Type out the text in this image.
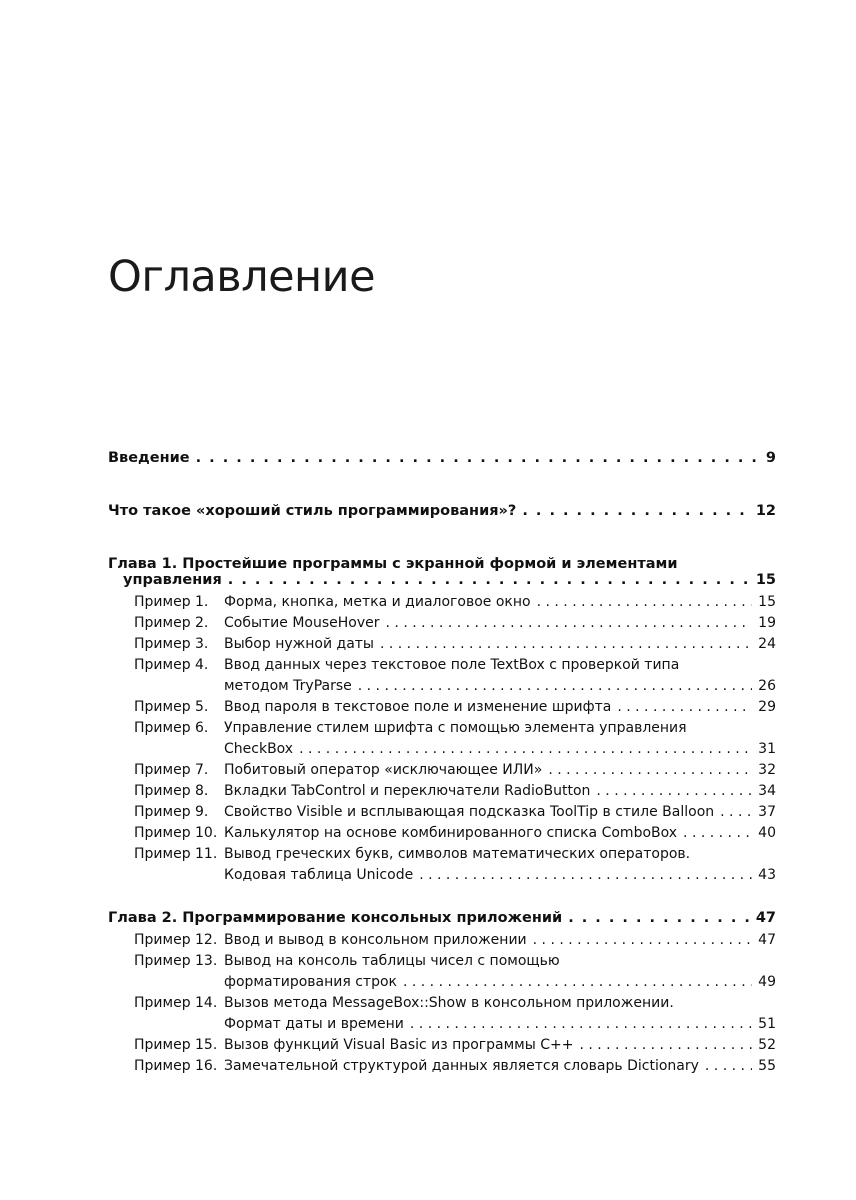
Оглавление
Введение . . .	9
Что такое «хороший стиль программирования»? . . .	12
Глава 1. Простейшие программы с экранной формой и элементами
управления . . .	15
Пример 1.	Форма, кнопка, метка и диалоговое окно . . .	15
Пример 2.	Событие MouseHover . . .	19
Пример 3.	Выбор нужной даты . . .	24
Пример 4.	Ввод данных через текстовое поле TextBox с проверкой типа
методом TryParse . . .	26
Пример 5.	Ввод пароля в текстовое поле и изменение шрифта . . .	29
Пример 6.	Управление стилем шрифта с помощью элемента управления
CheckBox . . .	31
Пример 7.	Побитовый оператор «исключающее ИЛИ» . . .	32
Пример 8.	Вкладки TabControl и переключатели RadioButton . . .	34
Пример 9.	Свойство Visible и всплывающая подсказка ToolTip в стиле Balloon . . .	37
Пример 10. Калькулятор на основе комбинированного списка ComboBox . . .	40
Пример 11. Вывод греческих букв, символов математических операторов.
Кодовая таблица Unicode . . .	43
Глава 2. Программирование консольных приложений . . .	47
Пример 12. Ввод и вывод в консольном приложении . . .	47
Пример 13. Вывод на консоль таблицы чисел с помощью
форматирования строк . . .	49
Пример 14. Вызов метода MessageBox::Show в консольном приложении.
Формат даты и времени . . .	51
Пример 15. Вызов функций Visual Basic из программы C++ . . .	52
Пример 16. Замечательной структурой данных является словарь Dictionary . . .	55
